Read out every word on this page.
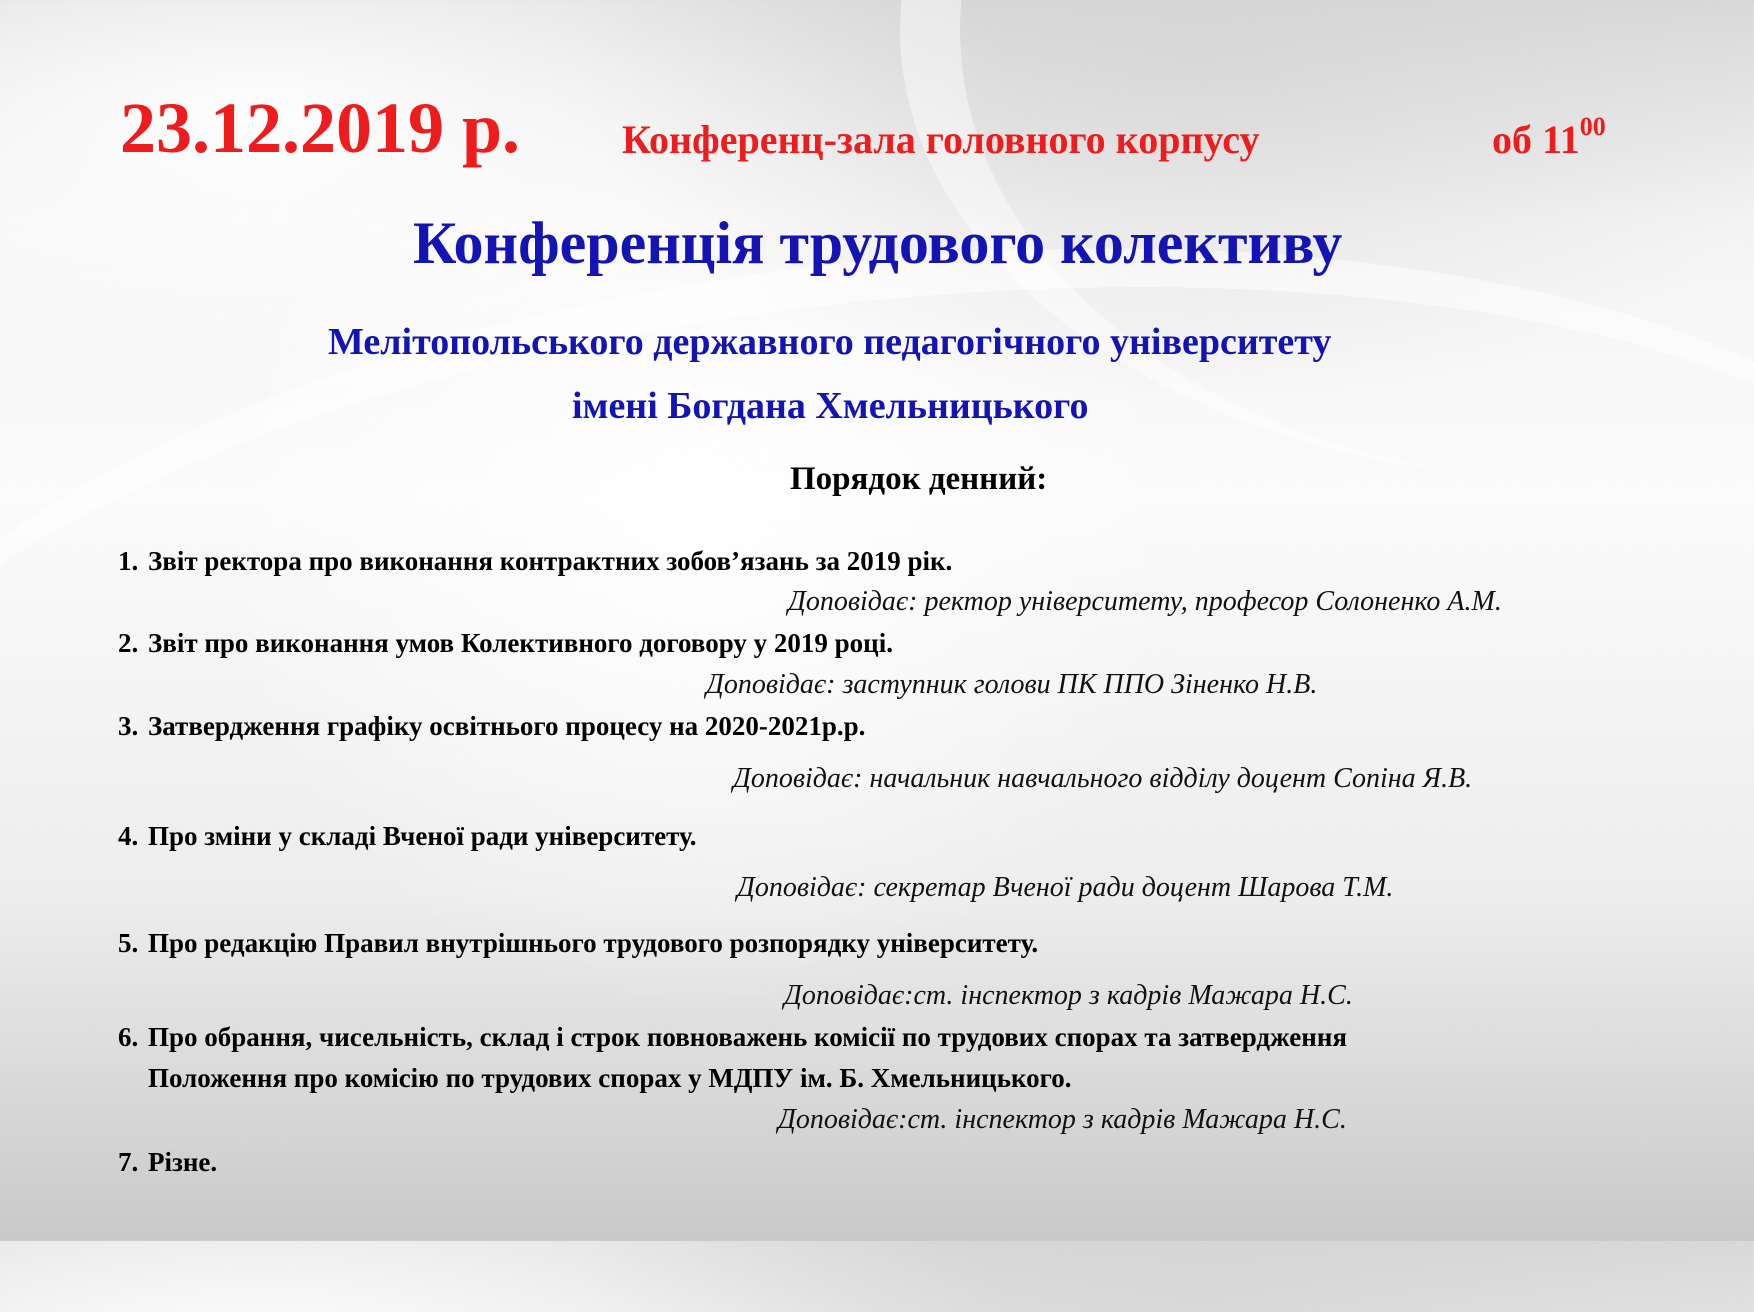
23.12.2019 р.	Конференц-зала головного корпусу	об $11^{00}$
Конференція трудового колективу
Мелітопольського державного педагогічного університету
імені Богдана Хмельницького
Порядок денний:
1. Звіт ректора про виконання контрактних зобов’язань за 2019 рік.
Доповідає: ректор університету, професор Солоненко А.М.
2. Звіт про виконання умов Колективного договору у 2019 році.
Доповідає: заступник голови ПК ППО Зіненко Н.В.
3. Затвердження графіку освітнього процесу на 2020-2021р.р.
Доповідає: начальник навчального відділу доцент Сопіна Я.В.
4. Про зміни у складі Вченої ради університету.
Доповідає: секретар Вченої ради доцент Шарова Т.М.
5. Про редакцію Правил внутрішнього трудового розпорядку університету.
Доповідає:ст. інспектор з кадрів Мажара Н.С.
6. Про обрання, чисельність, склад і строк повноважень комісії по трудових спорах та затвердження
Положення про комісію по трудових спорах у МДПУ ім. Б. Хмельницького.
Доповідає:ст. інспектор з кадрів Мажара Н.С.
7. Різне.
